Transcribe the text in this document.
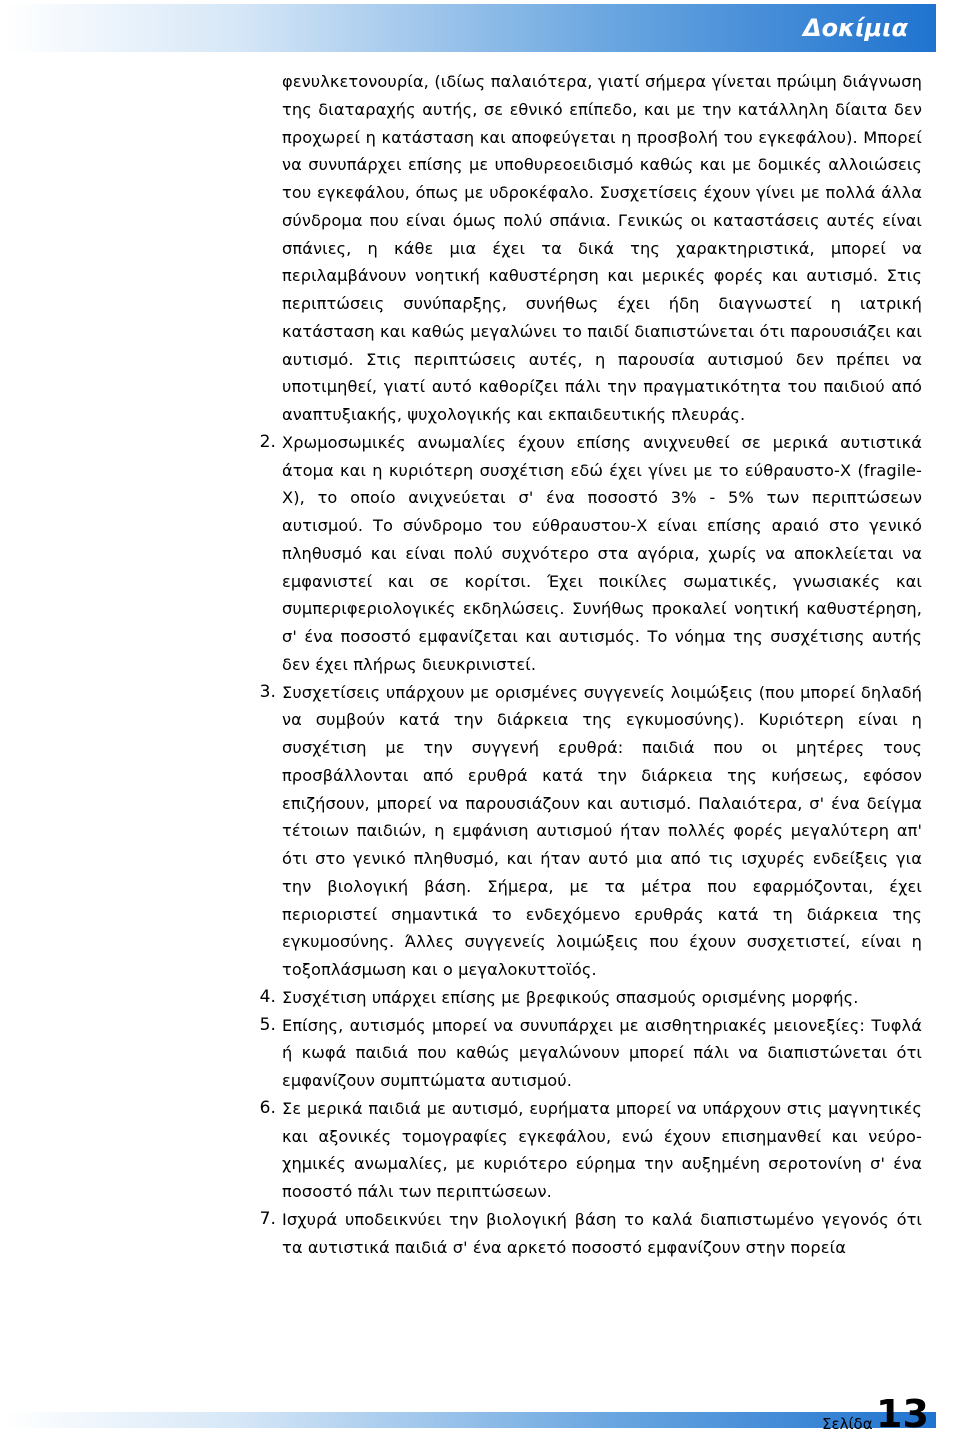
Δοκίμια

φενυλκετονουρία, (ιδίως παλαιότερα, γιατί σήμερα γίνεται πρώιμη διάγνωση της διαταραχής αυτής, σε εθνικό επίπεδο, και με την κατάλληλη δίαιτα δεν προχωρεί η κατάσταση και αποφεύγεται η προσβολή του εγκεφάλου). Μπορεί να συνυπάρχει επίσης με υποθυρεοειδισμό καθώς και με δομικές αλλοιώσεις του εγκεφάλου, όπως με υδροκέφαλο. Συσχετίσεις έχουν γίνει με πολλά άλλα σύνδρομα που είναι όμως πολύ σπάνια. Γενικώς οι καταστάσεις αυτές είναι σπάνιες, η κάθε μια έχει τα δικά της χαρακτηριστικά, μπορεί να περιλαμβάνουν νοητική καθυστέρηση και μερικές φορές και αυτισμό. Στις περιπτώσεις συνύπαρξης, συνήθως έχει ήδη διαγνωστεί η ιατρική κατάσταση και καθώς μεγαλώνει το παιδί διαπιστώνεται ότι παρουσιάζει και αυτισμό. Στις περιπτώσεις αυτές, η παρουσία αυτισμού δεν πρέπει να υποτιμηθεί, γιατί αυτό καθορίζει πάλι την πραγματικότητα του παιδιού από αναπτυξιακής, ψυχολογικής και εκπαιδευτικής πλευράς.

2. Χρωμοσωμικές ανωμαλίες έχουν επίσης ανιχνευθεί σε μερικά αυτιστικά άτομα και η κυριότερη συσχέτιση εδώ έχει γίνει με το εύθραυστο-Χ (fragile-X), το οποίο ανιχνεύεται σ' ένα ποσοστό 3% - 5% των περιπτώσεων αυτισμού. Το σύνδρομο του εύθραυστου-Χ είναι επίσης αραιό στο γενικό πληθυσμό και είναι πολύ συχνότερο στα αγόρια, χωρίς να αποκλείεται να εμφανιστεί και σε κορίτσι. Έχει ποικίλες σωματικές, γνωσιακές και συμπεριφεριολογικές εκδηλώσεις. Συνήθως προκαλεί νοητική καθυστέρηση, σ' ένα ποσοστό εμφανίζεται και αυτισμός. Το νόημα της συσχέτισης αυτής δεν έχει πλήρως διευκρινιστεί.

3. Συσχετίσεις υπάρχουν με ορισμένες συγγενείς λοιμώξεις (που μπορεί δηλαδή να συμβούν κατά την διάρκεια της εγκυμοσύνης). Κυριότερη είναι η συσχέτιση με την συγγενή ερυθρά: παιδιά που οι μητέρες τους προσβάλλονται από ερυθρά κατά την διάρκεια της κυήσεως, εφόσον επιζήσουν, μπορεί να παρουσιάζουν και αυτισμό. Παλαιότερα, σ' ένα δείγμα τέτοιων παιδιών, η εμφάνιση αυτισμού ήταν πολλές φορές μεγαλύτερη απ' ότι στο γενικό πληθυσμό, και ήταν αυτό μια από τις ισχυρές ενδείξεις για την βιολογική βάση. Σήμερα, με τα μέτρα που εφαρμόζονται, έχει περιοριστεί σημαντικά το ενδεχόμενο ερυθράς κατά τη διάρκεια της εγκυμοσύνης. Άλλες συγγενείς λοιμώξεις που έχουν συσχετιστεί, είναι η τοξοπλάσμωση και ο μεγαλοκυττοϊός.

4. Συσχέτιση υπάρχει επίσης με βρεφικούς σπασμούς ορισμένης μορφής.

5. Επίσης, αυτισμός μπορεί να συνυπάρχει με αισθητηριακές μειονεξίες: Τυφλά ή κωφά παιδιά που καθώς μεγαλώνουν μπορεί πάλι να διαπιστώνεται ότι εμφανίζουν συμπτώματα αυτισμού.

6. Σε μερικά παιδιά με αυτισμό, ευρήματα μπορεί να υπάρχουν στις μαγνητικές και αξονικές τομογραφίες εγκεφάλου, ενώ έχουν επισημανθεί και νεύρο-χημικές ανωμαλίες, με κυριότερο εύρημα την αυξημένη σεροτονίνη σ' ένα ποσοστό πάλι των περιπτώσεων.

7. Ισχυρά υποδεικνύει την βιολογική βάση το καλά διαπιστωμένο γεγονός ότι τα αυτιστικά παιδιά σ' ένα αρκετό ποσοστό εμφανίζουν στην πορεία

Σελίδα 13
